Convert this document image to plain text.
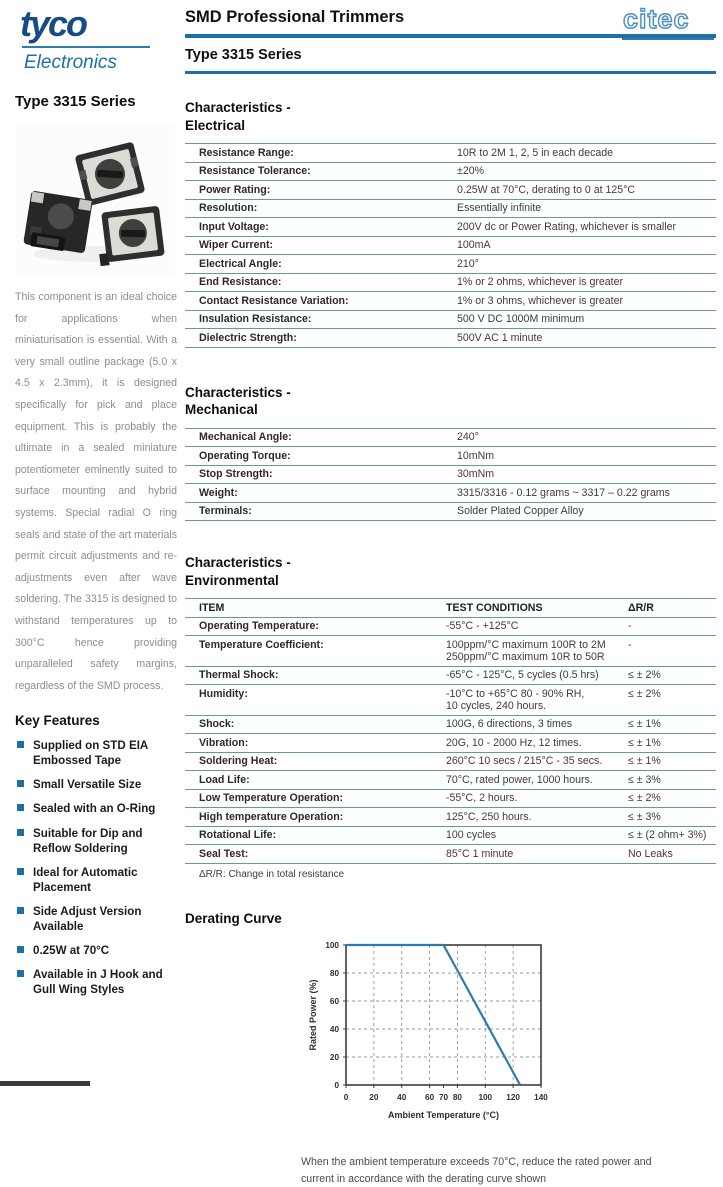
tyco
Electronics
citec
Type 3315 Series
This component is an ideal choice for applications when miniaturisation is essential. With a very small outline package (5.0 x 4.5 x 2.3mm), it is designed specifically for pick and place equipment. This is probably the ultimate in a sealed miniature potentiometer eminently suited to surface mounting and hybrid systems. Special radial O ring seals and state of the art materials permit circuit adjustments and re-adjustments even after wave soldering. The 3315 is designed to withstand temperatures up to 300°C hence providing unparalleled safety margins, regardless of the SMD process.
Key Features
Supplied on STD EIA Embossed Tape
Small Versatile Size
Sealed with an O-Ring
Suitable for Dip and Reflow Soldering
Ideal for Automatic Placement
Side Adjust Version Available
0.25W at 70°C
Available in J Hook and Gull Wing Styles
SMD Professional Trimmers
Type 3315 Series
Characteristics -
Electrical
Resistance Range:	10R to 2M 1, 2, 5 in each decade
Resistance Tolerance:	±20%
Power Rating:	0.25W at 70°C, derating to 0 at 125°C
Resolution:	Essentially infinite
Input Voltage:	200V dc or Power Rating, whichever is smaller
Wiper Current:	100mA
Electrical Angle:	210°
End Resistance:	1% or 2 ohms, whichever is greater
Contact Resistance Variation:	1% or 3 ohms, whichever is greater
Insulation Resistance:	500 V DC 1000M minimum
Dielectric Strength:	500V AC 1 minute
Characteristics -
Mechanical
Mechanical Angle:	240°
Operating Torque:	10mNm
Stop Strength:	30mNm
Weight:	3315/3316 - 0.12 grams ~ 3317 – 0.22 grams
Terminals:	Solder Plated Copper Alloy
Characteristics -
Environmental
ITEM	TEST CONDITIONS	ΔR/R
Operating Temperature:	-55°C - +125°C	-
Temperature Coefficient:	100ppm/°C maximum 100R to 2M
250ppm/°C maximum 10R to 50R	-
Thermal Shock:	-65°C - 125°C, 5 cycles (0.5 hrs)	≤ ± 2%
Humidity:	-10°C to +65°C 80 - 90% RH,
10 cycles, 240 hours.	≤ ± 2%
Shock:	100G, 6 directions, 3 times	≤ ± 1%
Vibration:	20G, 10 - 2000 Hz, 12 times.	≤ ± 1%
Soldering Heat:	260°C 10 secs / 215°C - 35 secs.	≤ ± 1%
Load Life:	70°C, rated power, 1000 hours.	≤ ± 3%
Low Temperature Operation:	-55°C, 2 hours.	≤ ± 2%
High temperature Operation:	125°C, 250 hours.	≤ ± 3%
Rotational Life:	100 cycles	≤ ± (2 ohm+ 3%)
Seal Test:	85°C 1 minute	No Leaks
ΔR/R: Change in total resistance
Derating Curve
0	20 40 60 70 80 100 120 140
0
20
40
60
80
100
Ambient Temperature (°C)
Rated Power (%)
When the ambient temperature exceeds 70°C, reduce the rated power and current in accordance with the derating curve shown
